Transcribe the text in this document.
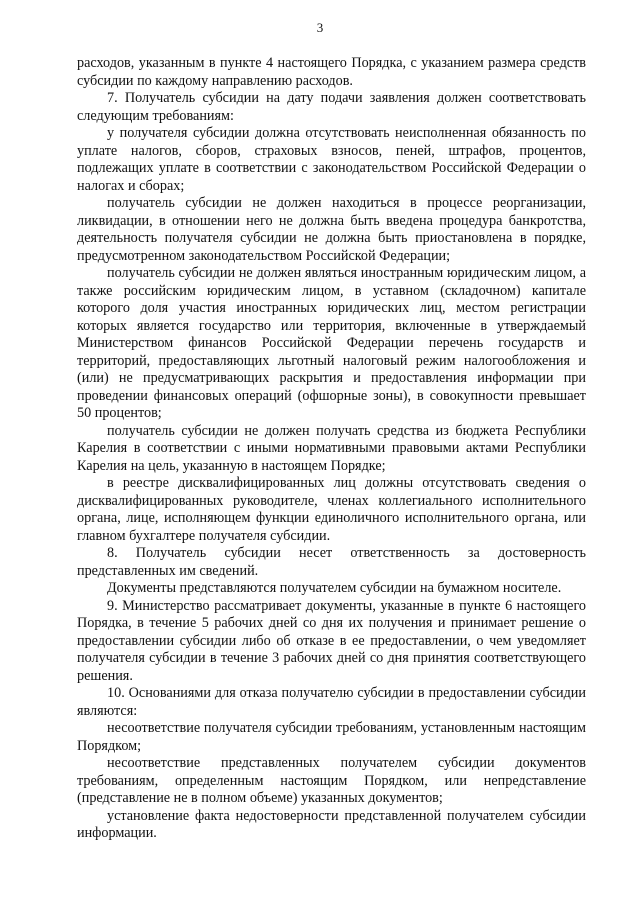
3

расходов, указанным в пункте 4 настоящего Порядка, с указанием размера средств субсидии по каждому направлению расходов.

7. Получатель субсидии на дату подачи заявления должен соответствовать следующим требованиям:

у получателя субсидии должна отсутствовать неисполненная обязанность по уплате налогов, сборов, страховых взносов, пеней, штрафов, процентов, подлежащих уплате в соответствии с законодательством Российской Федерации о налогах и сборах;

получатель субсидии не должен находиться в процессе реорганизации, ликвидации, в отношении него не должна быть введена процедура банкротства, деятельность получателя субсидии не должна быть приостановлена в порядке, предусмотренном законодательством Российской Федерации;

получатель субсидии не должен являться иностранным юридическим лицом, а также российским юридическим лицом, в уставном (складочном) капитале которого доля участия иностранных юридических лиц, местом регистрации которых является государство или территория, включенные в утверждаемый Министерством финансов Российской Федерации перечень государств и территорий, предоставляющих льготный налоговый режим налогообложения и (или) не предусматривающих раскрытия и предоставления информации при проведении финансовых операций (офшорные зоны), в совокупности превышает 50 процентов;

получатель субсидии не должен получать средства из бюджета Республики Карелия в соответствии с иными нормативными правовыми актами Республики Карелия на цель, указанную в настоящем Порядке;

в реестре дисквалифицированных лиц должны отсутствовать сведения о дисквалифицированных руководителе, членах коллегиального исполнительного органа, лице, исполняющем функции единоличного исполнительного органа, или главном бухгалтере получателя субсидии.

8. Получатель субсидии несет ответственность за достоверность представленных им сведений.

Документы представляются получателем субсидии на бумажном носителе.

9. Министерство рассматривает документы, указанные в пункте 6 настоящего Порядка, в течение 5 рабочих дней со дня их получения и принимает решение о предоставлении субсидии либо об отказе в ее предоставлении, о чем уведомляет получателя субсидии в течение 3 рабочих дней со дня принятия соответствующего решения.

10. Основаниями для отказа получателю субсидии в предоставлении субсидии являются:

несоответствие получателя субсидии требованиям, установленным настоящим Порядком;

несоответствие представленных получателем субсидии документов требованиям, определенным настоящим Порядком, или непредставление (представление не в полном объеме) указанных документов;

установление факта недостоверности представленной получателем субсидии информации.
